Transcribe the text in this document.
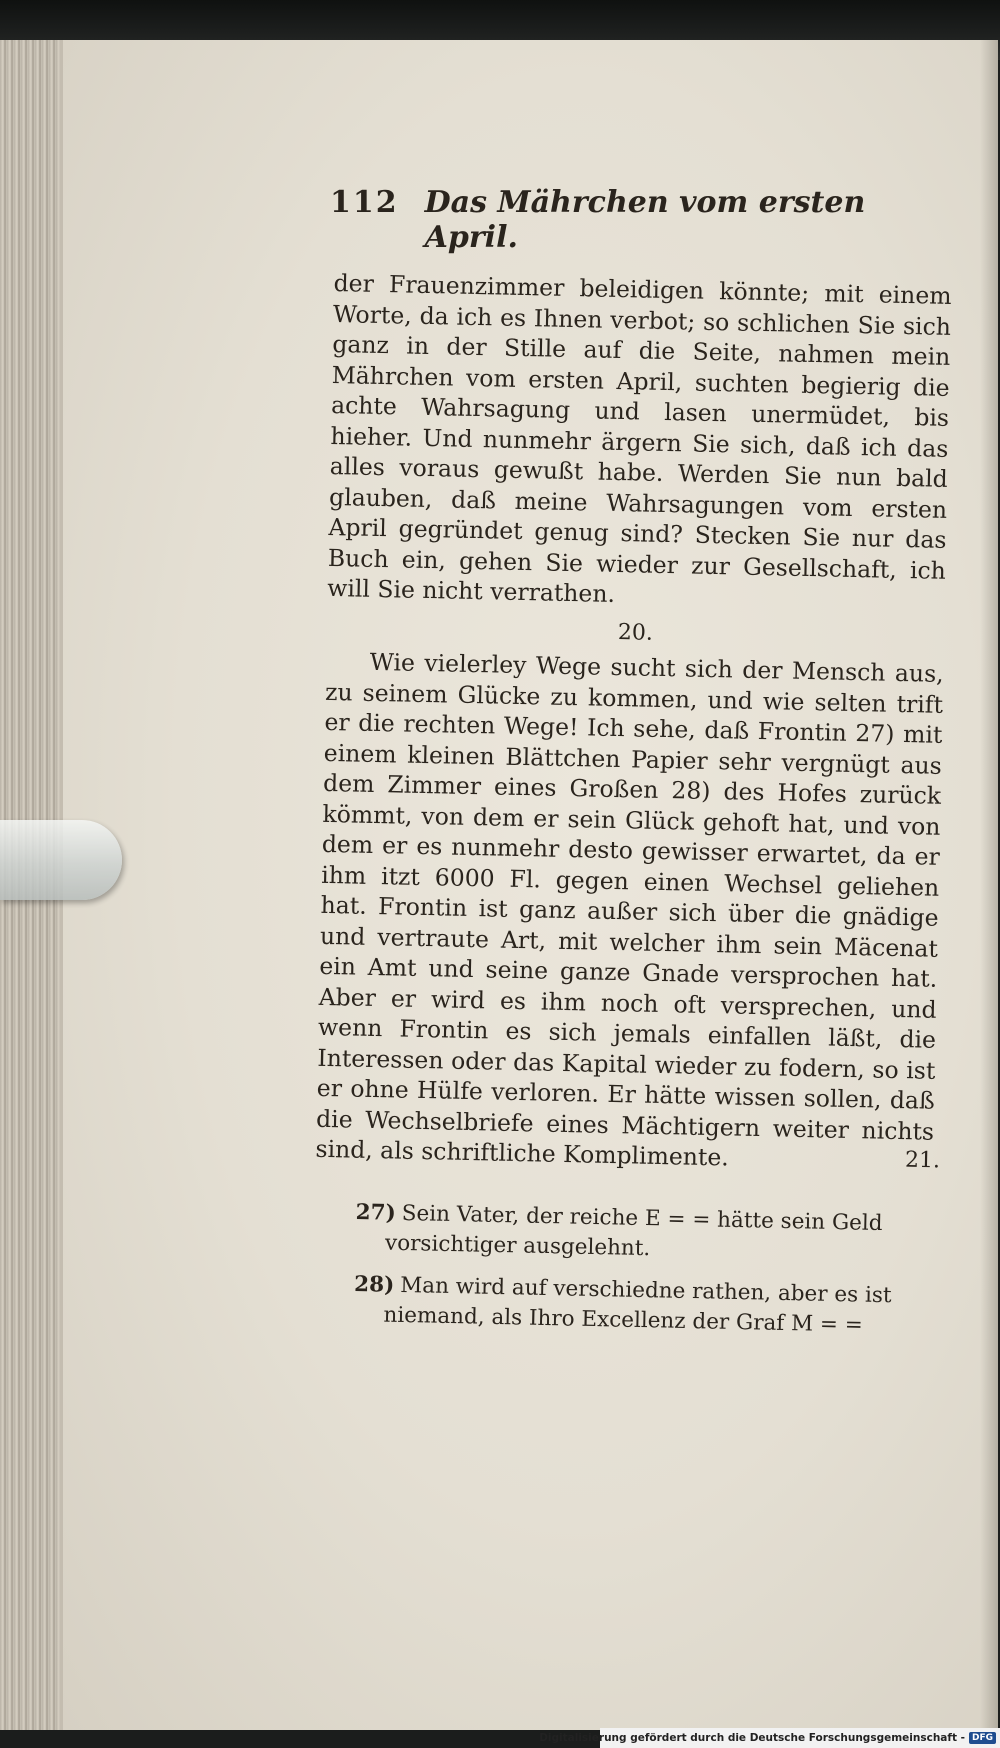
112 Das Mährchen vom ersten April.

der Frauenzimmer beleidigen könnte; mit einem Worte, da ich es Ihnen verbot; so schlichen Sie sich ganz in der Stille auf die Seite, nahmen mein Mährchen vom ersten April, suchten begierig die achte Wahrsagung und lasen unermüdet, bis hieher. Und nunmehr ärgern Sie sich, daß ich das alles voraus gewußt habe. Werden Sie nun bald glauben, daß meine Wahrsagungen vom ersten April gegründet genug sind? Stecken Sie nur das Buch ein, gehen Sie wieder zur Gesellschaft, ich will Sie nicht verrathen.

20.

Wie vielerley Wege sucht sich der Mensch aus, zu seinem Glücke zu kommen, und wie selten trift er die rechten Wege! Ich sehe, daß Frontin 27) mit einem kleinen Blättchen Papier sehr vergnügt aus dem Zimmer eines Großen 28) des Hofes zurück kömmt, von dem er sein Glück gehoft hat, und von dem er es nunmehr desto gewisser erwartet, da er ihm itzt 6000 Fl. gegen einen Wechsel geliehen hat. Frontin ist ganz außer sich über die gnädige und vertraute Art, mit welcher ihm sein Mäcenat ein Amt und seine ganze Gnade versprochen hat. Aber er wird es ihm noch oft versprechen, und wenn Frontin es sich jemals einfallen läßt, die Interessen oder das Kapital wieder zu fodern, so ist er ohne Hülfe verloren. Er hätte wissen sollen, daß die Wechselbriefe eines Mächtigern weiter nichts sind, als schriftliche Komplimente.	21.

27) Sein Vater, der reiche E = = hätte sein Geld vorsichtiger ausgelehnt.

28) Man wird auf verschiedne rathen, aber es ist niemand, als Ihro Excellenz der Graf M = =

Digitalisierung gefördert durch die Deutsche Forschungsgemeinschaft - DFG
